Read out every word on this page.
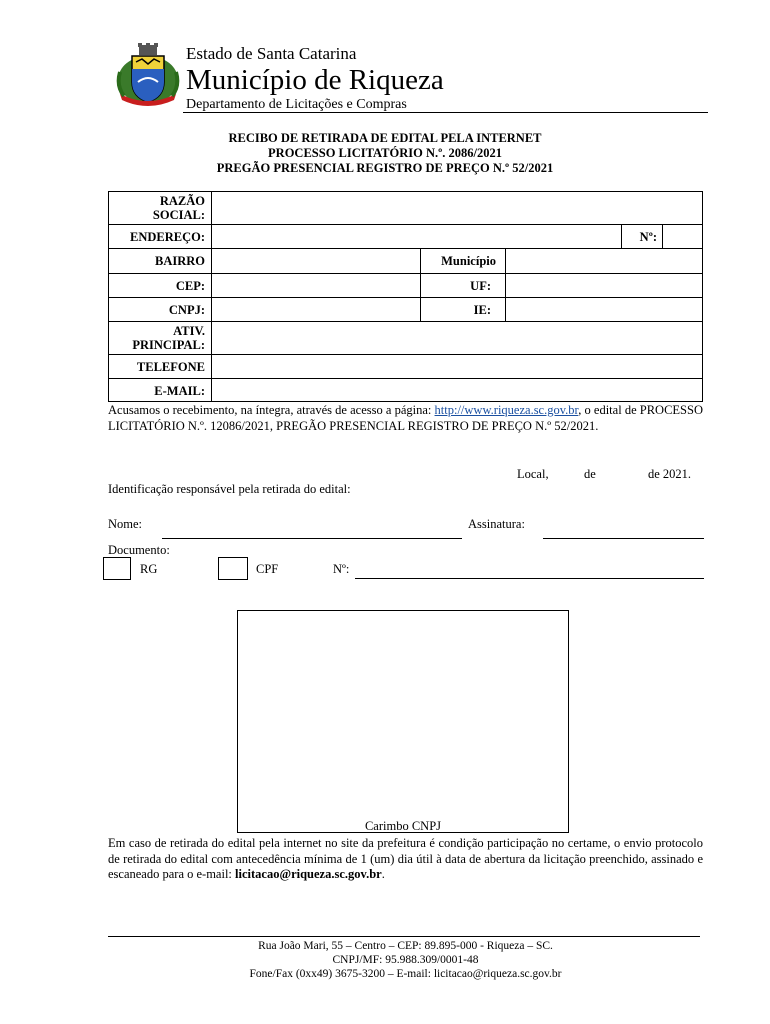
Estado de Santa Catarina
Município de Riqueza
Departamento de Licitações e Compras
RECIBO DE RETIRADA DE EDITAL PELA INTERNET
PROCESSO LICITATÓRIO N.º. 2086/2021
PREGÃO PRESENCIAL REGISTRO DE PREÇO N.º 52/2021
RAZÃO
SOCIAL:
ENDEREÇO:	Nº:
BAIRRO	Município
CEP:	UF:
CNPJ:	IE:
ATIV.
PRINCIPAL:
TELEFONE
E-MAIL:
Acusamos o recebimento, na íntegra, através de acesso a página: http://www.riqueza.sc.gov.br, o edital de PROCESSO LICITATÓRIO N.º. 12086/2021, PREGÃO PRESENCIAL REGISTRO DE PREÇO N.º 52/2021.
Local,	de	de 2021.
Identificação responsável pela retirada do edital:
Nome:	Assinatura:
Documento:
RG	CPF	Nº:
Carimbo CNPJ
Em caso de retirada do edital pela internet no site da prefeitura é condição participação no certame, o envio protocolo de retirada do edital com antecedência mínima de 1 (um) dia útil à data de abertura da licitação preenchido, assinado e escaneado para o e-mail: licitacao@riqueza.sc.gov.br.
Rua João Mari, 55 – Centro – CEP: 89.895-000 - Riqueza – SC.
CNPJ/MF: 95.988.309/0001-48
Fone/Fax (0xx49) 3675-3200 – E-mail: licitacao@riqueza.sc.gov.br
